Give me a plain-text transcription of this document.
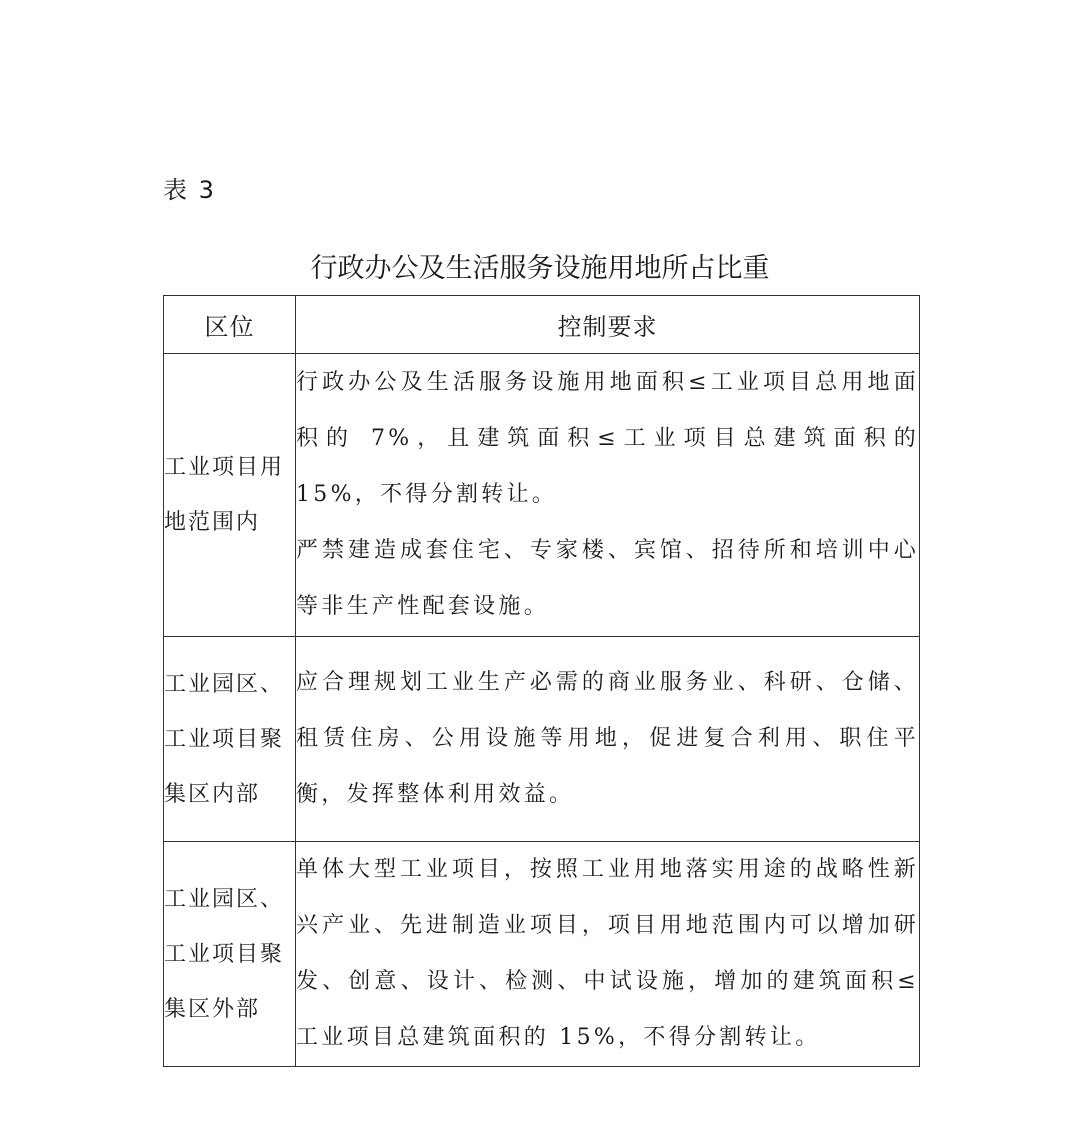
表 3
行政办公及生活服务设施用地所占比重
区位	控制要求
工业项目用地范围内	行政办公及生活服务设施用地面积≤工业项目总用地面积的 7%，且建筑面积≤工业项目总建筑面积的 15%，不得分割转让。

严禁建造成套住宅、专家楼、宾馆、招待所和培训中心等非生产性配套设施。

工业园区、工业项目聚集区内部	应合理规划工业生产必需的商业服务业、科研、仓储、租赁住房、公用设施等用地，促进复合利用、职住平衡，发挥整体利用效益。

工业园区、工业项目聚集区外部	单体大型工业项目，按照工业用地落实用途的战略性新兴产业、先进制造业项目，项目用地范围内可以增加研发、创意、设计、检测、中试设施，增加的建筑面积≤工业项目总建筑面积的 15%，不得分割转让。
